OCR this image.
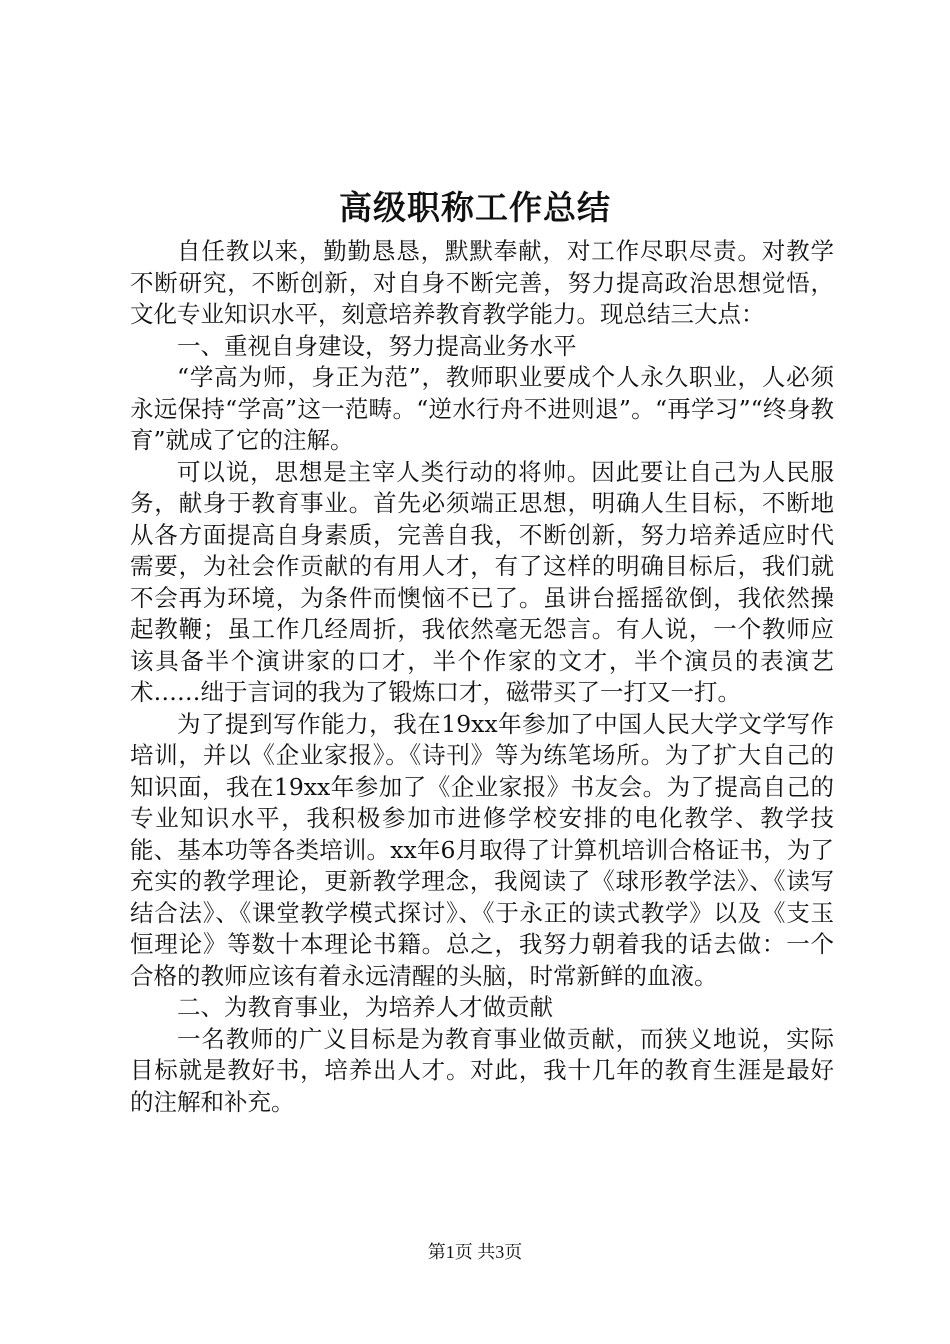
高级职称工作总结

自任教以来，勤勤恳恳，默默奉献，对工作尽职尽责。对教学不断研究，不断创新，对自身不断完善，努力提高政治思想觉悟，文化专业知识水平，刻意培养教育教学能力。现总结三大点：

一、重视自身建设，努力提高业务水平

“学高为师，身正为范”，教师职业要成个人永久职业，人必须永远保持“学高”这一范畴。“逆水行舟不进则退”。“再学习”“终身教育”就成了它的注解。

可以说，思想是主宰人类行动的将帅。因此要让自己为人民服务，献身于教育事业。首先必须端正思想，明确人生目标，不断地从各方面提高自身素质，完善自我，不断创新，努力培养适应时代需要，为社会作贡献的有用人才，有了这样的明确目标后，我们就不会再为环境，为条件而懊恼不已了。虽讲台摇摇欲倒，我依然操起教鞭；虽工作几经周折，我依然毫无怨言。有人说，一个教师应该具备半个演讲家的口才，半个作家的文才，半个演员的表演艺术……绌于言词的我为了锻炼口才，磁带买了一打又一打。

为了提到写作能力，我在19xx年参加了中国人民大学文学写作培训，并以《企业家报》。《诗刊》等为练笔场所。为了扩大自己的知识面，我在19xx年参加了《企业家报》书友会。为了提高自己的专业知识水平，我积极参加市进修学校安排的电化教学、教学技能、基本功等各类培训。xx年6月取得了计算机培训合格证书，为了充实的教学理论，更新教学理念，我阅读了《球形教学法》、《读写结合法》、《课堂教学模式探讨》、《于永正的读式教学》以及《支玉恒理论》等数十本理论书籍。总之，我努力朝着我的话去做：一个合格的教师应该有着永远清醒的头脑，时常新鲜的血液。

二、为教育事业，为培养人才做贡献

一名教师的广义目标是为教育事业做贡献，而狭义地说，实际目标就是教好书，培养出人才。对此，我十几年的教育生涯是最好的注解和补充。

第1页 共3页
